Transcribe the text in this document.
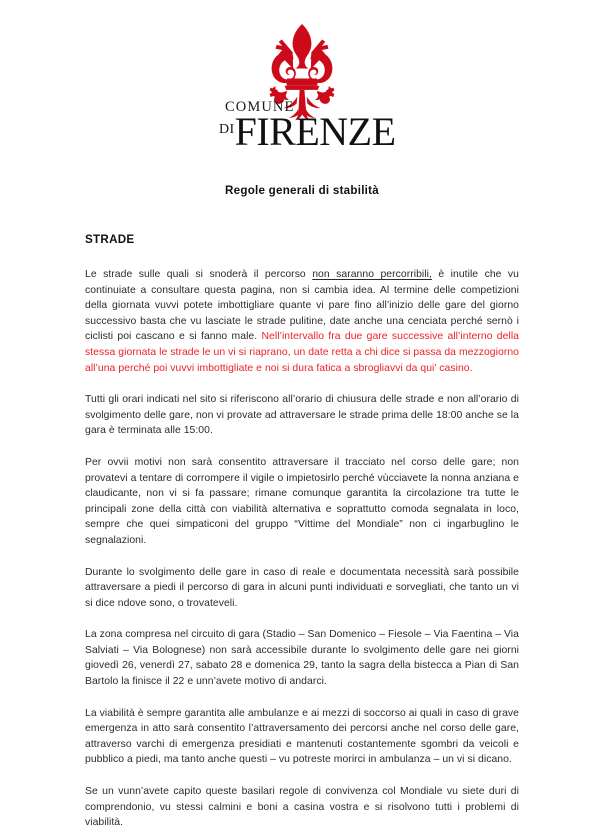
COMUNE
DIFIRENZE
Regole generali di stabilità
STRADE

Le strade sulle quali si snoderà il percorso non saranno percorribili, è inutile che vu continuiate a consultare questa pagina, non si cambia idea. Al termine delle competizioni della giornata vuvvi potete imbottigliare quante vi pare fino all’inizio delle gare del giorno successivo basta che vu lasciate le strade pulitine, date anche una cenciata perché sernò i ciclisti poi cascano e si fanno male. Nell’intervallo fra due gare successive all’interno della stessa giornata le strade le un vi si riaprano, un date retta a chi dice si passa da mezzogiorno all’una perché poi vuvvi imbottigliate e noi si dura fatica a sbrogliavvi da qui’ casino.

Tutti gli orari indicati nel sito si riferiscono all’orario di chiusura delle strade e non all’orario di svolgimento delle gare, non vi provate ad attraversare le strade prima delle 18:00 anche se la gara è terminata alle 15:00.

Per ovvii motivi non sarà consentito attraversare il tracciato nel corso delle gare; non provatevi a tentare di corrompere il vigile o impietosirlo perché vùcciavete la nonna anziana e claudicante, non vi si fa passare; rimane comunque garantita la circolazione tra tutte le principali zone della città con viabilità alternativa e soprattutto comoda segnalata in loco, sempre che quei simpaticoni del gruppo “Vittime del Mondiale” non ci ingarbuglino le segnalazioni.

Durante lo svolgimento delle gare in caso di reale e documentata necessità sarà possibile attraversare a piedi il percorso di gara in alcuni punti individuati e sorvegliati, che tanto un vi si dice ndove sono, o trovateveli.

La zona compresa nel circuito di gara (Stadio – San Domenico – Fiesole – Via Faentina – Via Salviati – Via Bolognese) non sarà accessibile durante lo svolgimento delle gare nei giorni giovedì 26, venerdì 27, sabato 28 e domenica 29, tanto la sagra della bistecca a Pian di San Bartolo la finisce il 22 e unn’avete motivo di andarci.

La viabilità è sempre garantita alle ambulanze e ai mezzi di soccorso ai quali in caso di grave emergenza in atto sarà consentito l’attraversamento dei percorsi anche nel corso delle gare, attraverso varchi di emergenza presidiati e mantenuti costantemente sgombri da veicoli e pubblico a piedi, ma tanto anche questi – vu potreste morirci in ambulanza – un vi si dicano.

Se un vunn’avete capito queste basilari regole di convivenza col Mondiale vu siete duri di comprendonio, vu stessi calmini e boni a casina vostra e si risolvono tutti i problemi di viabilità.
